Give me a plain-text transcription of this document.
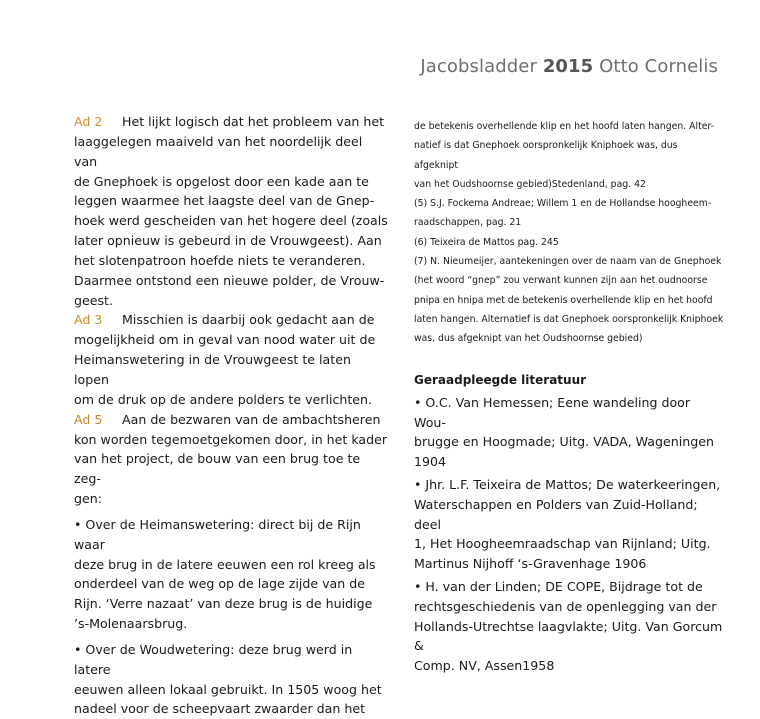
Jacobsladder 2015 Otto Cornelis

Ad 2 Het lijkt logisch dat het probleem van het
laaggelegen maaiveld van het noordelijk deel van
de Gnephoek is opgelost door een kade aan te
leggen waarmee het laagste deel van de Gnep-
hoek werd gescheiden van het hogere deel (zoals
later opnieuw is gebeurd in de Vrouwgeest). Aan
het slotenpatroon hoefde niets te veranderen.
Daarmee ontstond een nieuwe polder, de Vrouw-
geest.

Ad 3 Misschien is daarbij ook gedacht aan de
mogelijkheid om in geval van nood water uit de
Heimanswetering in de Vrouwgeest te laten lopen
om de druk op de andere polders te verlichten.

Ad 5 Aan de bezwaren van de ambachtsheren
kon worden tegemoetgekomen door, in het kader
van het project, de bouw van een brug toe te zeg-
gen:

• Over de Heimanswetering: direct bij de Rijn waar
deze brug in de latere eeuwen een rol kreeg als
onderdeel van de weg op de lage zijde van de
Rijn. ‘Verre nazaat’ van deze brug is de huidige
’s-Molenaarsbrug.

• Over de Woudwetering: deze brug werd in latere
eeuwen alleen lokaal gebruikt. In 1505 woog het
nadeel voor de scheepvaart zwaarder dan het

de betekenis overhellende klip en het hoofd laten hangen. Alter-

natief is dat Gnephoek oorspronkelijk Kniphoek was, dus afgeknipt

van het Oudshoornse gebied)Stedenland, pag. 42

(5) S.J. Fockema Andreae; Willem 1 en de Hollandse hoogheem-

raadschappen, pag. 21

(6) Teixeira de Mattos pag. 245

(7) N. Nieumeijer, aantekeningen over de naam van de Gnephoek

(het woord “gnep” zou verwant kunnen zijn aan het oudnoorse

pnipa en hnipa met de betekenis overhellende klip en het hoofd

laten hangen. Alternatief is dat Gnephoek oorspronkelijk Kniphoek

was, dus afgeknipt van het Oudshoornse gebied)

Geraadpleegde literatuur

• O.C. Van Hemessen; Eene wandeling door Wou-
brugge en Hoogmade; Uitg. VADA, Wageningen
1904

• Jhr. L.F. Teixeira de Mattos; De waterkeeringen,
Waterschappen en Polders van Zuid-Holland; deel
1, Het Hoogheemraadschap van Rijnland; Uitg.
Martinus Nijhoff ‘s-Gravenhage 1906

• H. van der Linden; DE COPE, Bijdrage tot de
rechtsgeschiedenis van de openlegging van der
Hollands-Utrechtse laagvlakte; Uitg. Van Gorcum &
Comp. NV, Assen1958
